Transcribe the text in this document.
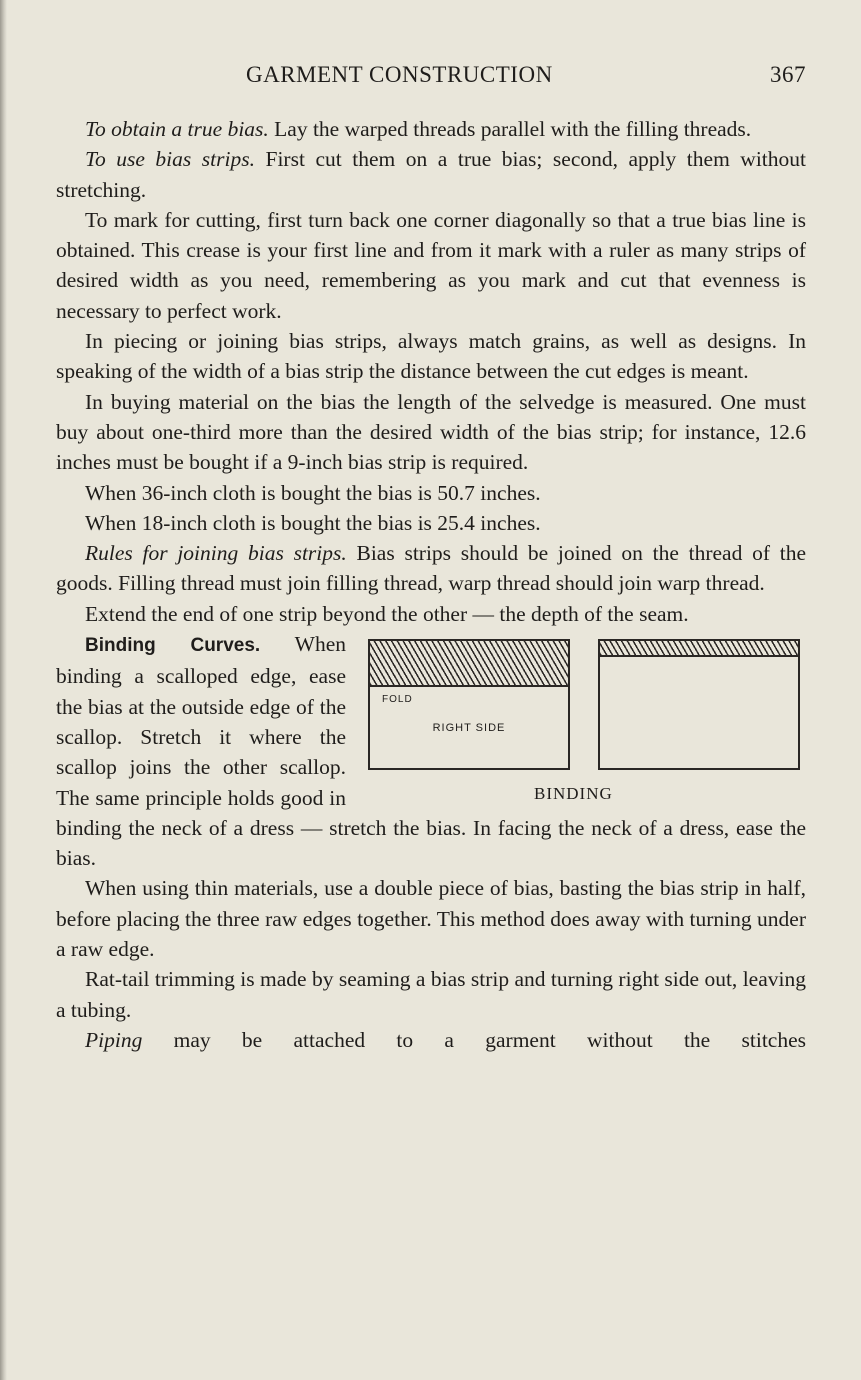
GARMENT CONSTRUCTION	367

To obtain a true bias. Lay the warped threads parallel with the filling threads.

To use bias strips. First cut them on a true bias; second, apply them without stretching.

To mark for cutting, first turn back one corner diagonally so that a true bias line is obtained. This crease is your first line and from it mark with a ruler as many strips of desired width as you need, remembering as you mark and cut that evenness is necessary to perfect work.

In piecing or joining bias strips, always match grains, as well as designs. In speaking of the width of a bias strip the distance between the cut edges is meant.

In buying material on the bias the length of the selvedge is measured. One must buy about one-third more than the desired width of the bias strip; for instance, 12.6 inches must be bought if a 9-inch bias strip is required.

When 36-inch cloth is bought the bias is 50.7 inches.

When 18-inch cloth is bought the bias is 25.4 inches.

Rules for joining bias strips. Bias strips should be joined on the thread of the goods. Filling thread must join filling thread, warp thread should join warp thread.

Extend the end of one strip beyond the other — the depth of the seam.

FOLD
RIGHT SIDE
BINDING

Binding Curves. When binding a scalloped edge, ease the bias at the outside edge of the scallop. Stretch it where the scallop joins the other scallop. The same principle holds good in binding the neck of a dress — stretch the bias. In facing the neck of a dress, ease the bias.

When using thin materials, use a double piece of bias, basting the bias strip in half, before placing the three raw edges together. This method does away with turning under a raw edge.

Rat-tail trimming is made by seaming a bias strip and turning right side out, leaving a tubing.

Piping may be attached to a garment without the stitches
